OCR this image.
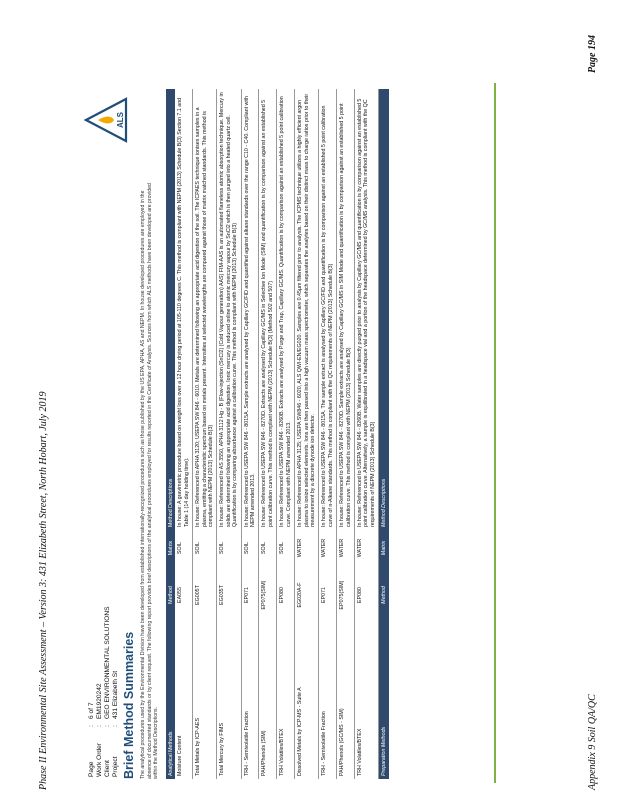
Phase II Environmental Site Assessment – Version 3: 431 Elizabeth Street, North Hobart, July 2019	Appendix 9 Soil QA/QC
Page 194
Page
:
6 of 7
Work Order
:
EM1920242
Client
:
GEO ENVIRONMENTAL SOLUTIONS
Project
:
431 Elizabeth St Brief Method Summaries The analytical procedures used by the Environmental Division have been developed from established internationally-recognized procedures such as those published by the US EPA, APHA, AS and NEPM. In house developed procedures are employed in the absence of documented standards or by client request. The following report provides brief descriptions of the analytical procedures employed for results reported in the Certificate of Analysis. Sources from which ALS methods have been developed are provided within the Method Descriptions.
ALS
Analytical Methods	Method	Matrix	Method Descriptions
Moisture Content	EA055	SOIL	In house: A gravimetric procedure based on weight loss over a 12 hour drying period at 105-110 degrees C. This method is compliant with NEPM (2013) Schedule B(3) Section 7.1 and Table 1 (14 day holding time).
Total Metals by ICP-AES	EG005T	SOIL	In house: Referenced to APHA 3120; USEPA SW 846 - 6010. Metals are determined following an appropriate acid digestion of the soil. The ICPAES technique ionises samples in a plasma, emitting a characteristic spectrum based on metals present. Intensities at selected wavelengths are compared against those of matrix matched standards. This method is compliant with NEPM (2013) Schedule B(3)
Total Mercury by FIMS	EG035T	SOIL	In house: Referenced to AS 3550, APHA 3112 Hg - B (Flow-injection (SnCl2) (Cold Vapour generation) AAS) FIM-AAS is an automated flameless atomic absorption technique. Mercury in solids are determined following an appropriate acid digestion. Ionic mercury is reduced online to atomic mercury vapour by SnCl2 which is then purged into a heated quartz cell. Quantification is by comparing absorbance against a calibration curve. This method is compliant with NEPM (2013) Schedule B(3)
TRH - Semivolatile Fraction	EP071	SOIL	In house: Referenced to USEPA SW 846 - 8015A. Sample extracts are analysed by Capillary GC/FID and quantified against alkane standards over the range C10 - C40. Compliant with NEPM amended 2013.
PAH/Phenols (SIM)	EP075(SIM)	SOIL	In house: Referenced to USEPA SW 846 - 8270D. Extracts are analysed by Capillary GC/MS in Selective Ion Mode (SIM) and quantification is by comparison against an established 5 point calibration curve. This method is compliant with NEPM (2013) Schedule B(3) (Method 502 and 507)
TRH Volatiles/BTEX	EP080	SOIL	In house: Referenced to USEPA SW 846 - 8260B. Extracts are analysed by Purge and Trap, Capillary GC/MS. Quantification is by comparison against an established 5 point calibration curve. Compliant with NEPM amended 2013.
Dissolved Metals by ICP-MS - Suite A	EG020A-F	WATER	In house: Referenced to APHA 3125; USEPA SW846 - 6020, ALS QWI-EN/EG020. Samples are 0.45µm filtered prior to analysis. The ICPMS technique utilizes a highly efficient argon plasma to ionize selected elements. Ions are then passed into a high vacuum mass spectrometer, which separates the analytes based on their distinct mass to charge ratios prior to their measurement by a discrete dynode ion detector.
TRH - Semivolatile Fraction	EP071	WATER	In house: Referenced to USEPA SW 846 - 8015A. The sample extract is analysed by Capillary GC/FID and quantification is by comparison against an established 5 point calibration curve of n-Alkane standards. This method is compliant with the QC requirements of NEPM (2013) Schedule B(3)
PAH/Phenols (GC/MS - SIM)	EP075(SIM)	WATER	In house: Referenced to USEPA SW 846 - 8270D. Sample extracts are analysed by Capillary GC/MS in SIM Mode and quantification is by comparison against an established 5 point calibration curve. This method is compliant with NEPM (2013) Schedule B(3)
TRH Volatiles/BTEX	EP080	WATER	In house: Referenced to USEPA SW 846 - 8260B. Water samples are directly purged prior to analysis by Capillary GC/MS and quantification is by comparison against an established 5 point calibration curve. Alternatively, a sample is equilibrated in a headspace vial and a portion of the headspace determined by GC/MS analysis. This method is compliant with the QC requirements of NEPM (2013) Schedule B(3)
Preparation Methods	Method	Matrix	Method Descriptions
